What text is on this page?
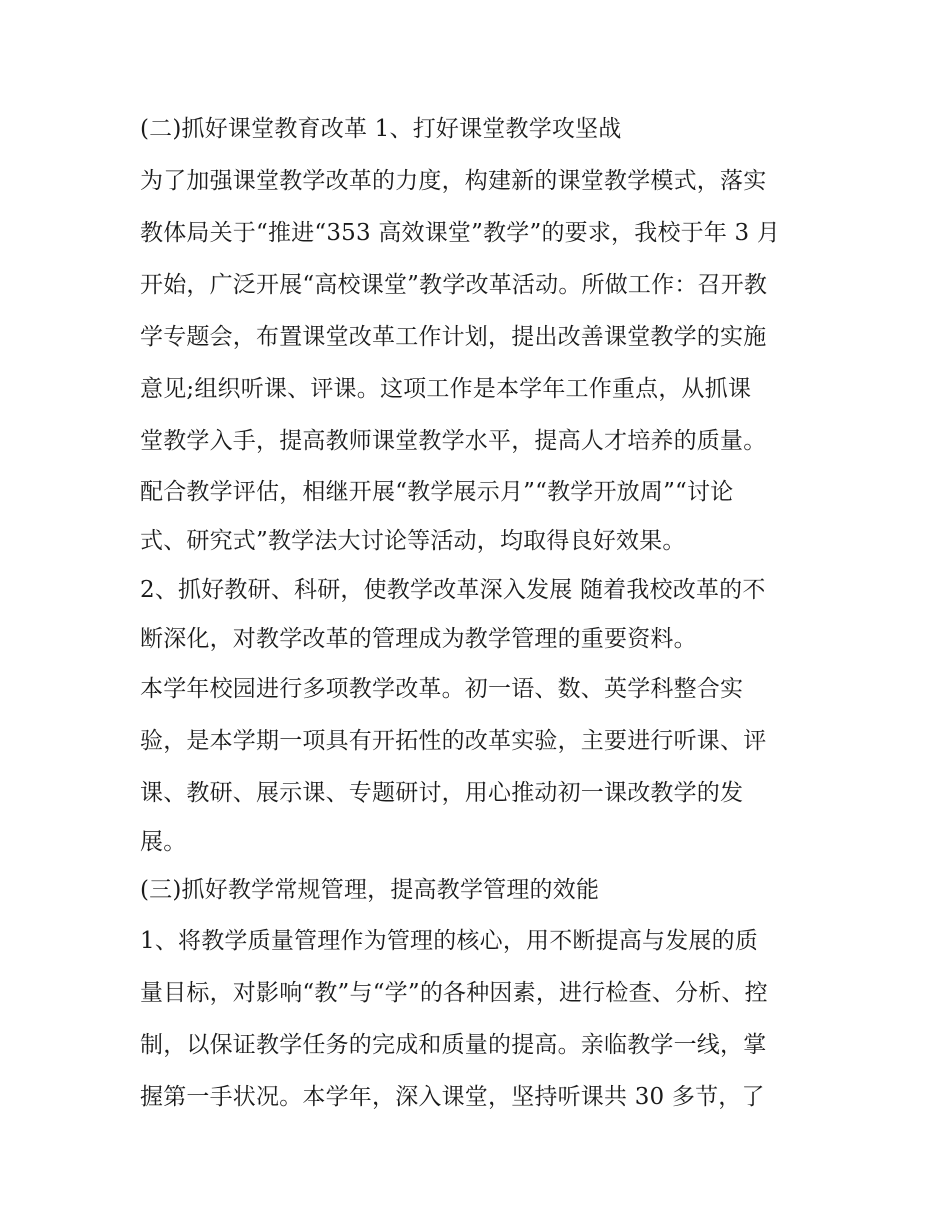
(二)抓好课堂教育改革 1、打好课堂教学攻坚战

为了加强课堂教学改革的力度，构建新的课堂教学模式，落实

教体局关于“推进“353 高效课堂”教学”的要求，我校于年 3 月

开始，广泛开展“高校课堂”教学改革活动。所做工作：召开教

学专题会，布置课堂改革工作计划，提出改善课堂教学的实施

意见;组织听课、评课。这项工作是本学年工作重点，从抓课

堂教学入手，提高教师课堂教学水平，提高人才培养的质量。

配合教学评估，相继开展“教学展示月”“教学开放周”“讨论

式、研究式”教学法大讨论等活动，均取得良好效果。

2、抓好教研、科研，使教学改革深入发展 随着我校改革的不

断深化，对教学改革的管理成为教学管理的重要资料。

本学年校园进行多项教学改革。初一语、数、英学科整合实

验，是本学期一项具有开拓性的改革实验，主要进行听课、评

课、教研、展示课、专题研讨，用心推动初一课改教学的发

展。

(三)抓好教学常规管理，提高教学管理的效能

1、将教学质量管理作为管理的核心，用不断提高与发展的质

量目标，对影响“教”与“学”的各种因素，进行检查、分析、控

制，以保证教学任务的完成和质量的提高。亲临教学一线，掌

握第一手状况。本学年，深入课堂，坚持听课共 30 多节，了
